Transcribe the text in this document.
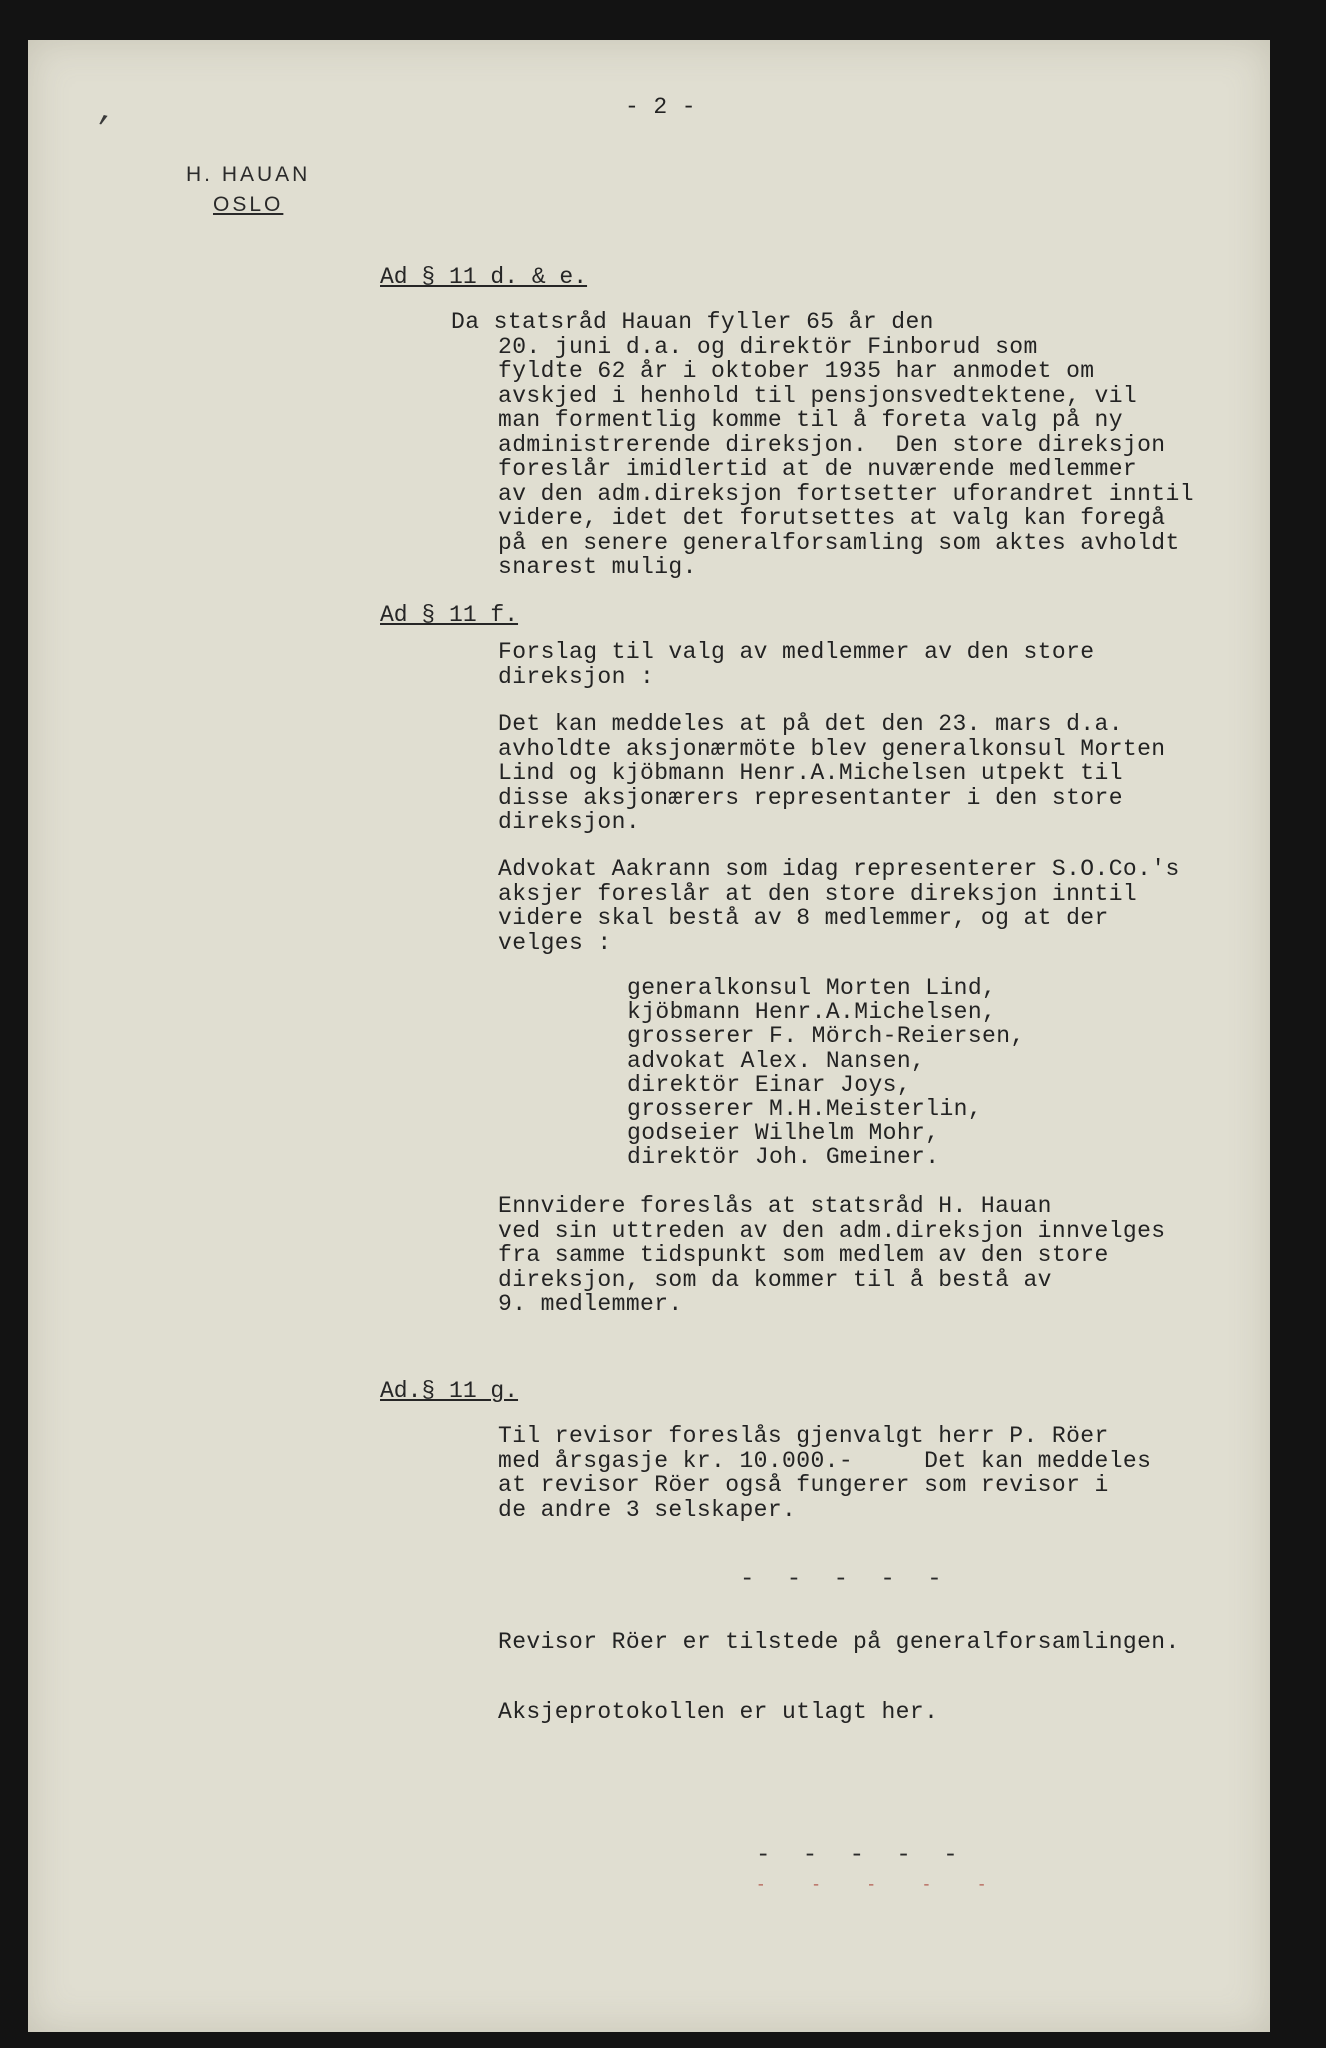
,
H. HAUAN
OSLO
- 2 -
Ad § 11 d. & e.
Da statsråd Hauan fyller 65 år den
20. juni d.a. og direktör Finborud som
fyldte 62 år i oktober 1935 har anmodet om
avskjed i henhold til pensjonsvedtektene, vil
man formentlig komme til å foreta valg på ny
administrerende direksjon.  Den store direksjon
foreslår imidlertid at de nuværende medlemmer
av den adm.direksjon fortsetter uforandret inntil
videre, idet det forutsettes at valg kan foregå
på en senere generalforsamling som aktes avholdt
snarest mulig.
Ad § 11 f.
Forslag til valg av medlemmer av den store
direksjon :
Det kan meddeles at på det den 23. mars d.a.
avholdte aksjonærmöte blev generalkonsul Morten
Lind og kjöbmann Henr.A.Michelsen utpekt til
disse aksjonærers representanter i den store
direksjon.
Advokat Aakrann som idag representerer S.O.Co.'s
aksjer foreslår at den store direksjon inntil
videre skal bestå av 8 medlemmer, og at der
velges :
generalkonsul Morten Lind,
kjöbmann Henr.A.Michelsen,
grosserer F. Mörch-Reiersen,
advokat Alex. Nansen,
direktör Einar Joys,
grosserer M.H.Meisterlin,
godseier Wilhelm Mohr,
direktör Joh. Gmeiner.
Ennvidere foreslås at statsråd H. Hauan
ved sin uttreden av den adm.direksjon innvelges
fra samme tidspunkt som medlem av den store
direksjon, som da kommer til å bestå av
9. medlemmer.
Ad.§ 11 g.
Til revisor foreslås gjenvalgt herr P. Röer
med årsgasje kr. 10.000.-     Det kan meddeles
at revisor Röer også fungerer som revisor i
de andre 3 selskaper.
- - - - -
Revisor Röer er tilstede på generalforsamlingen.
Aksjeprotokollen er utlagt her.
- - - - -
- - - - -
